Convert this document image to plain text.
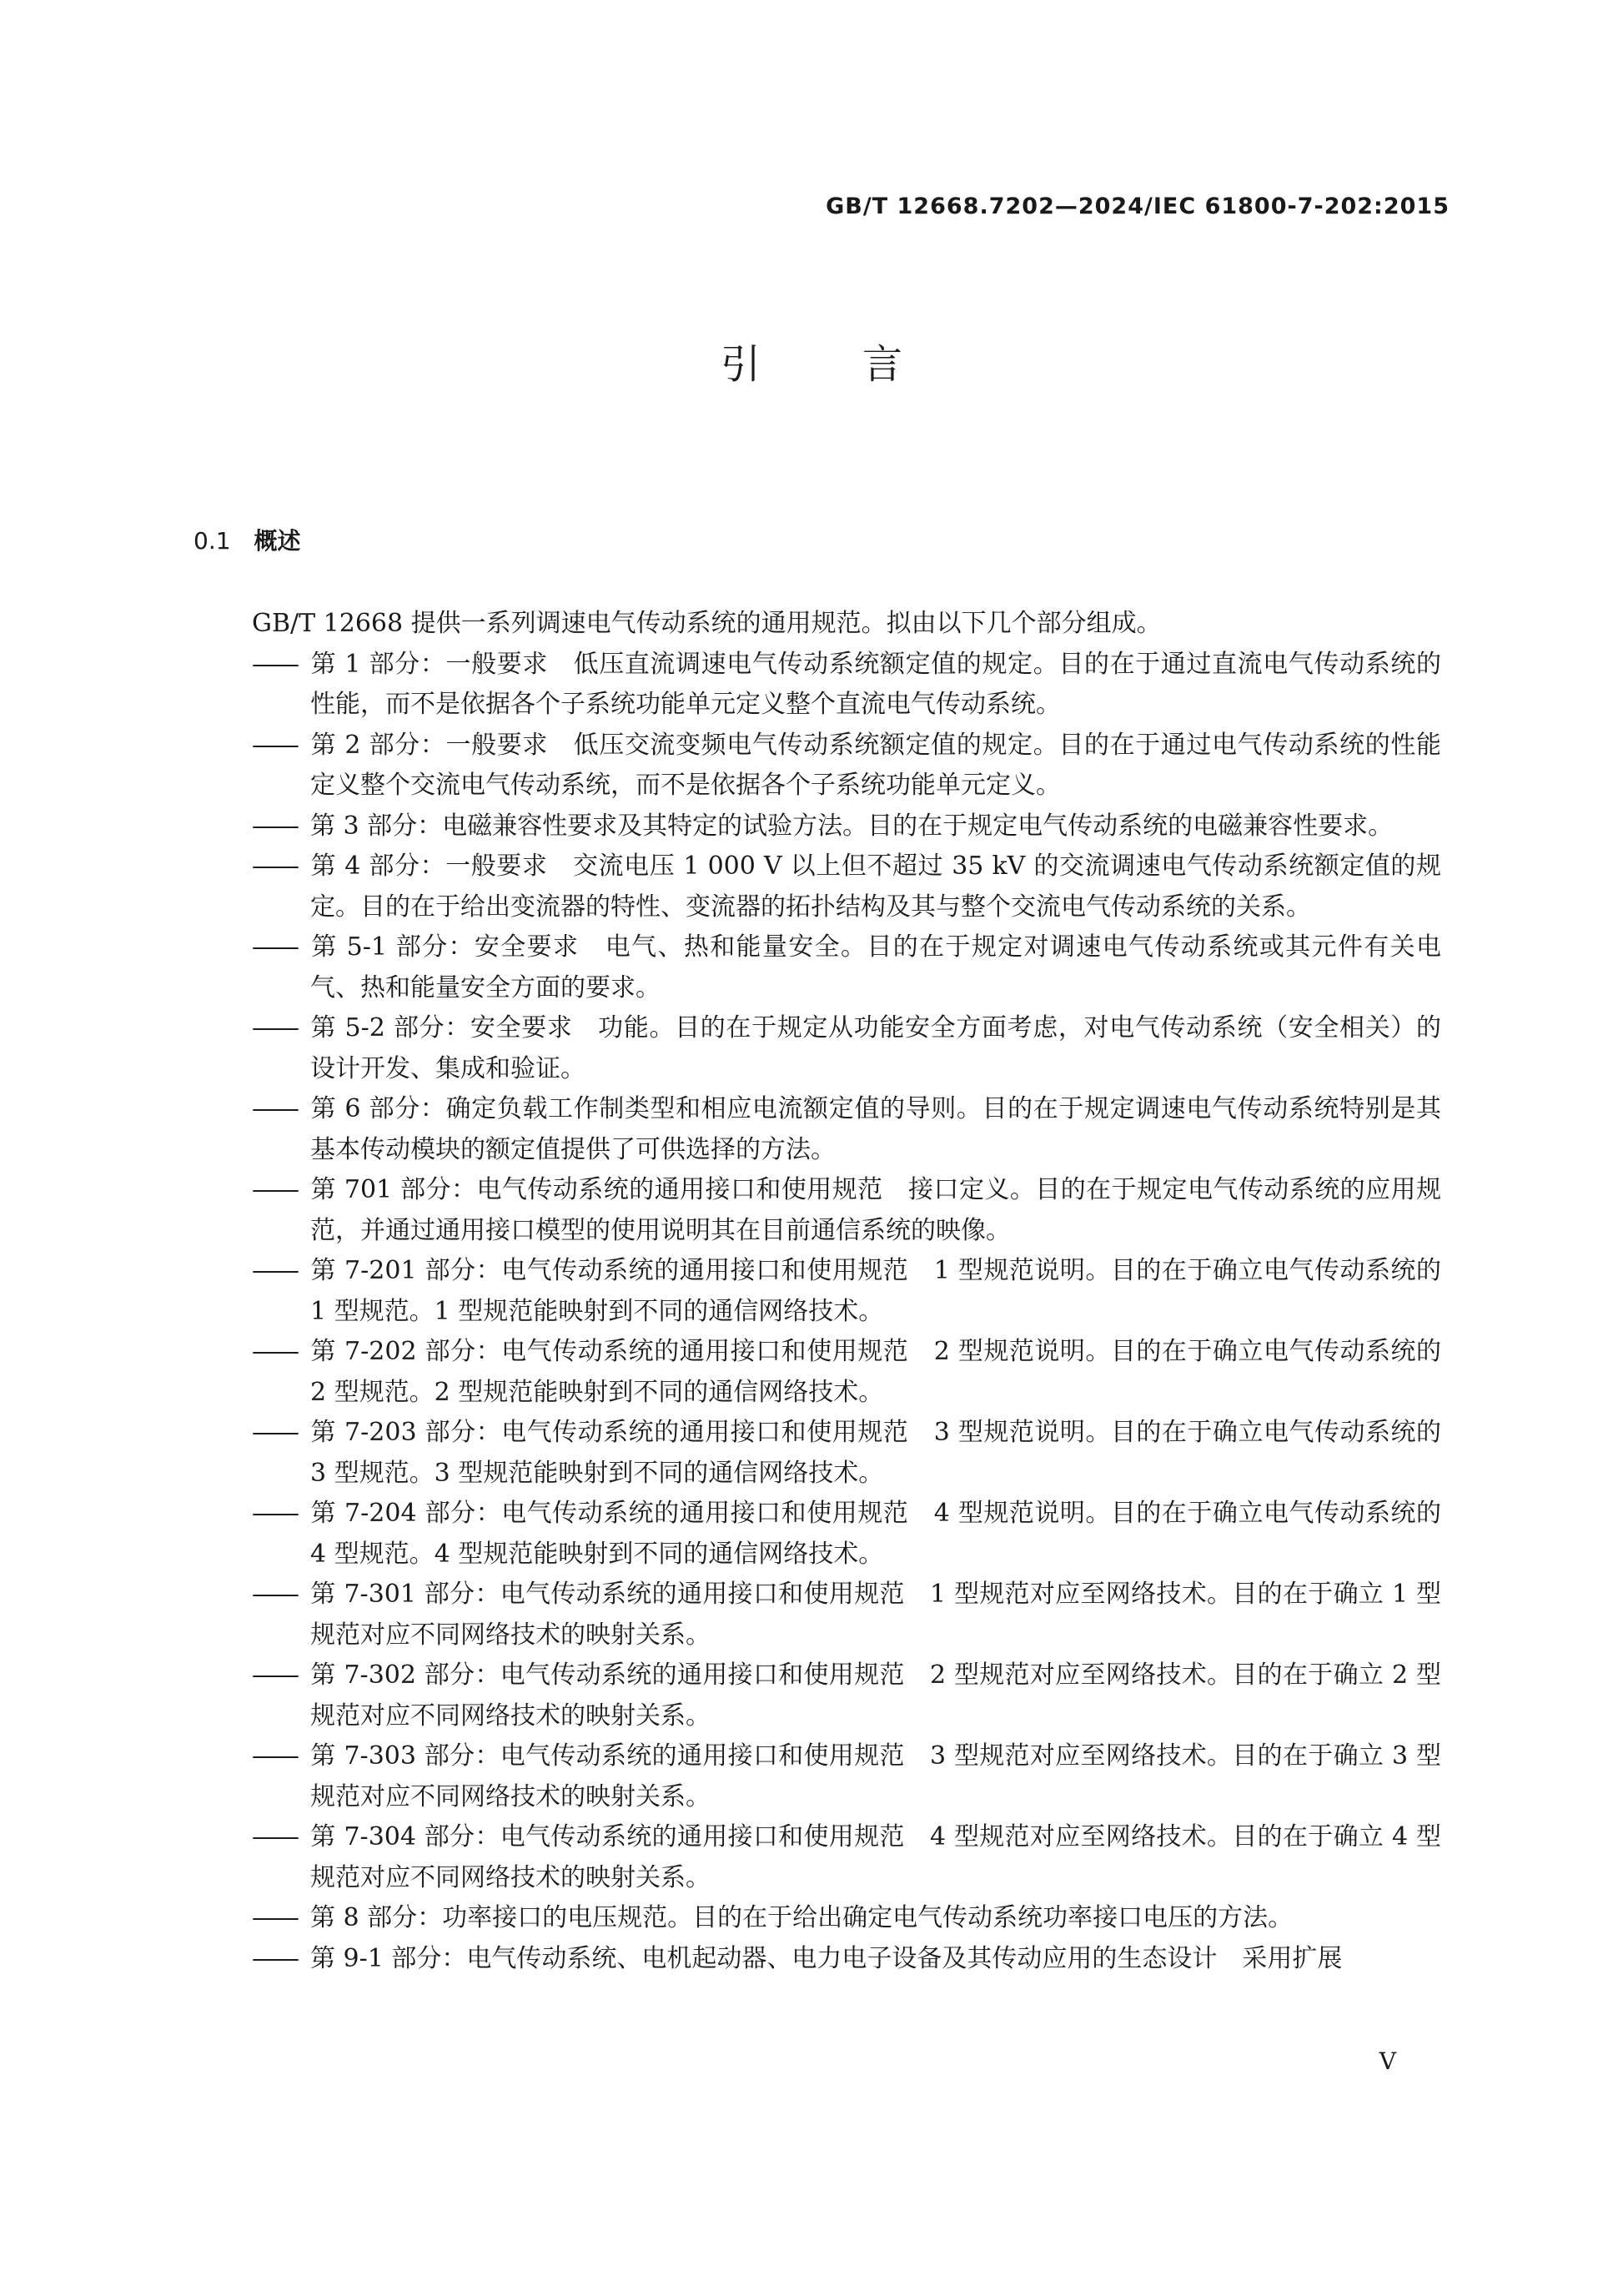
GB/T 12668.7202—2024/IEC 61800-7-202:2015
引言
0.1 概述

GB/T 12668 提供一系列调速电气传动系统的通用规范。拟由以下几个部分组成。

—— 第 1 部分：一般要求　低压直流调速电气传动系统额定值的规定。目的在于通过直流电气传动系统的性能，而不是依据各个子系统功能单元定义整个直流电气传动系统。
—— 第 2 部分：一般要求　低压交流变频电气传动系统额定值的规定。目的在于通过电气传动系统的性能定义整个交流电气传动系统，而不是依据各个子系统功能单元定义。
—— 第 3 部分：电磁兼容性要求及其特定的试验方法。目的在于规定电气传动系统的电磁兼容性要求。
—— 第 4 部分：一般要求　交流电压 1 000 V 以上但不超过 35 kV 的交流调速电气传动系统额定值的规定。目的在于给出变流器的特性、变流器的拓扑结构及其与整个交流电气传动系统的关系。
—— 第 5-1 部分：安全要求　电气、热和能量安全。目的在于规定对调速电气传动系统或其元件有关电气、热和能量安全方面的要求。
—— 第 5-2 部分：安全要求　功能。目的在于规定从功能安全方面考虑，对电气传动系统（安全相关）的设计开发、集成和验证。
—— 第 6 部分：确定负载工作制类型和相应电流额定值的导则。目的在于规定调速电气传动系统特别是其基本传动模块的额定值提供了可供选择的方法。
—— 第 701 部分：电气传动系统的通用接口和使用规范　接口定义。目的在于规定电气传动系统的应用规范，并通过通用接口模型的使用说明其在目前通信系统的映像。
—— 第 7-201 部分：电气传动系统的通用接口和使用规范　1 型规范说明。目的在于确立电气传动系统的 1 型规范。1 型规范能映射到不同的通信网络技术。
—— 第 7-202 部分：电气传动系统的通用接口和使用规范　2 型规范说明。目的在于确立电气传动系统的 2 型规范。2 型规范能映射到不同的通信网络技术。
—— 第 7-203 部分：电气传动系统的通用接口和使用规范　3 型规范说明。目的在于确立电气传动系统的 3 型规范。3 型规范能映射到不同的通信网络技术。
—— 第 7-204 部分：电气传动系统的通用接口和使用规范　4 型规范说明。目的在于确立电气传动系统的 4 型规范。4 型规范能映射到不同的通信网络技术。
—— 第 7-301 部分：电气传动系统的通用接口和使用规范　1 型规范对应至网络技术。目的在于确立 1 型规范对应不同网络技术的映射关系。
—— 第 7-302 部分：电气传动系统的通用接口和使用规范　2 型规范对应至网络技术。目的在于确立 2 型规范对应不同网络技术的映射关系。
—— 第 7-303 部分：电气传动系统的通用接口和使用规范　3 型规范对应至网络技术。目的在于确立 3 型规范对应不同网络技术的映射关系。
—— 第 7-304 部分：电气传动系统的通用接口和使用规范　4 型规范对应至网络技术。目的在于确立 4 型规范对应不同网络技术的映射关系。
—— 第 8 部分：功率接口的电压规范。目的在于给出确定电气传动系统功率接口电压的方法。
—— 第 9-1 部分：电气传动系统、电机起动器、电力电子设备及其传动应用的生态设计　采用扩展
V
